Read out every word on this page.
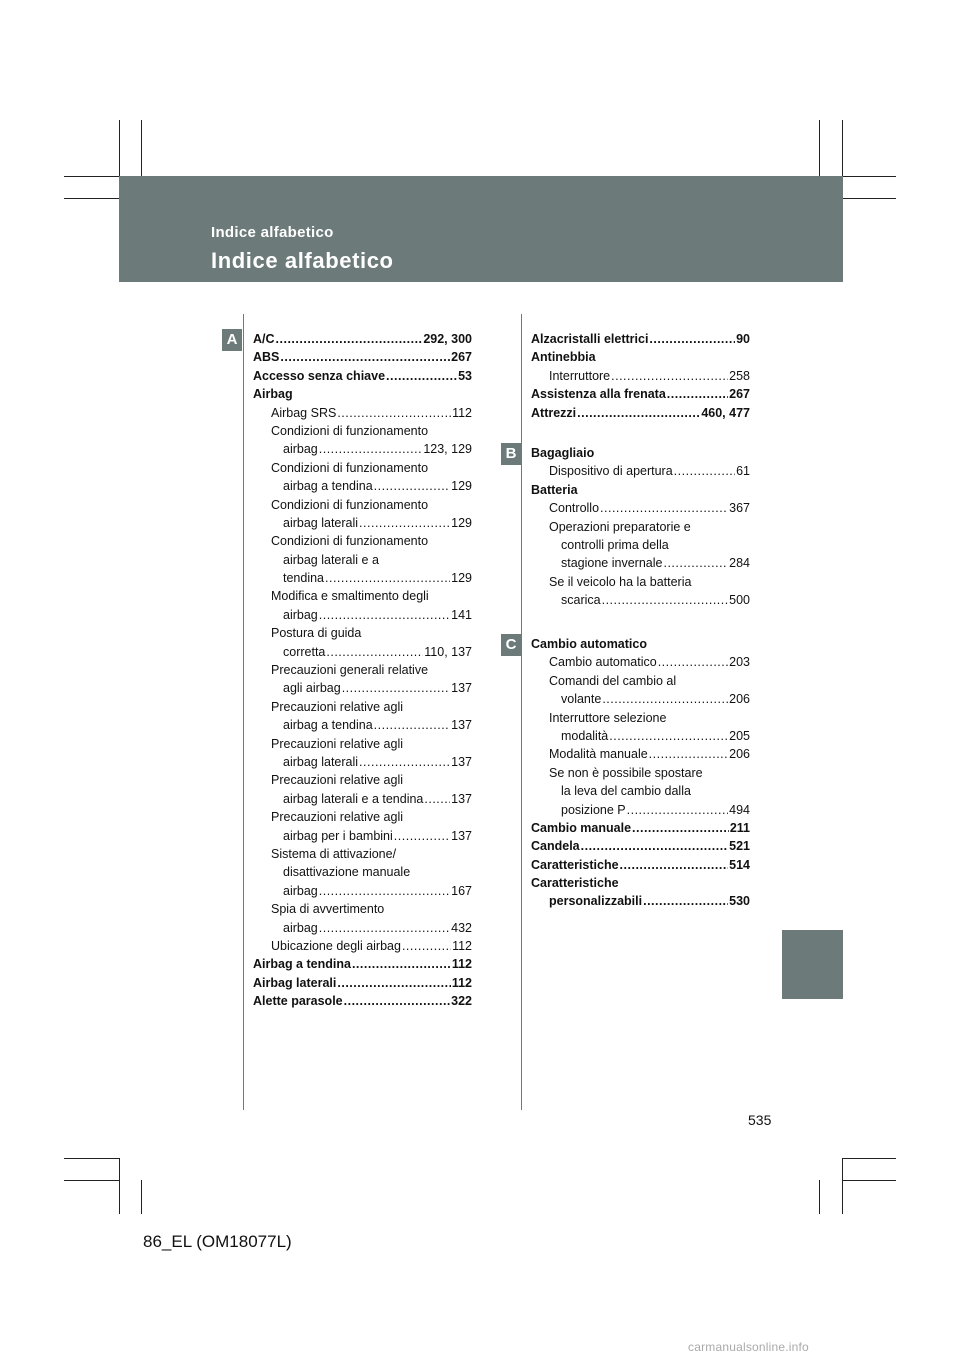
Indice alfabetico
Indice alfabetico
A
B
C
A/C .....	292, 300
ABS .....	267
Accesso senza chiave .....	53
Airbag
Airbag SRS .....	112
Condizioni di funzionamento
airbag .....	123, 129
Condizioni di funzionamento
airbag a tendina .....	129
Condizioni di funzionamento
airbag laterali .....	129
Condizioni di funzionamento
airbag laterali e a
tendina .....	129
Modifica e smaltimento degli
airbag .....	141
Postura di guida
corretta .....	110, 137
Precauzioni generali relative
agli airbag .....	137
Precauzioni relative agli
airbag a tendina .....	137
Precauzioni relative agli
airbag laterali .....	137
Precauzioni relative agli
airbag laterali e a tendina ..... 137
Precauzioni relative agli
airbag per i bambini .....	137
Sistema di attivazione/
disattivazione manuale
airbag .....	167
Spia di avvertimento
airbag .....	432
Ubicazione degli airbag .....	112
Airbag a tendina .....	112
Airbag laterali .....	112
Alette parasole .....	322
Alzacristalli elettrici .....	90
Antinebbia
Interruttore .....	258
Assistenza alla frenata .....	267
Attrezzi .....	460, 477
Bagagliaio
Dispositivo di apertura .....	61
Batteria
Controllo .....	367
Operazioni preparatorie e
controlli prima della
stagione invernale .....	284
Se il veicolo ha la batteria
scarica .....	500
Cambio automatico
Cambio automatico .....	203
Comandi del cambio al
volante .....	206
Interruttore selezione
modalità .....	205
Modalità manuale .....	206
Se non è possibile spostare
la leva del cambio dalla
posizione P .....	494
Cambio manuale .....	211
Candela .....	521
Caratteristiche .....	514
Caratteristiche
personalizzabili .....	530
535
86_EL (OM18077L)
carmanualsonline.info
